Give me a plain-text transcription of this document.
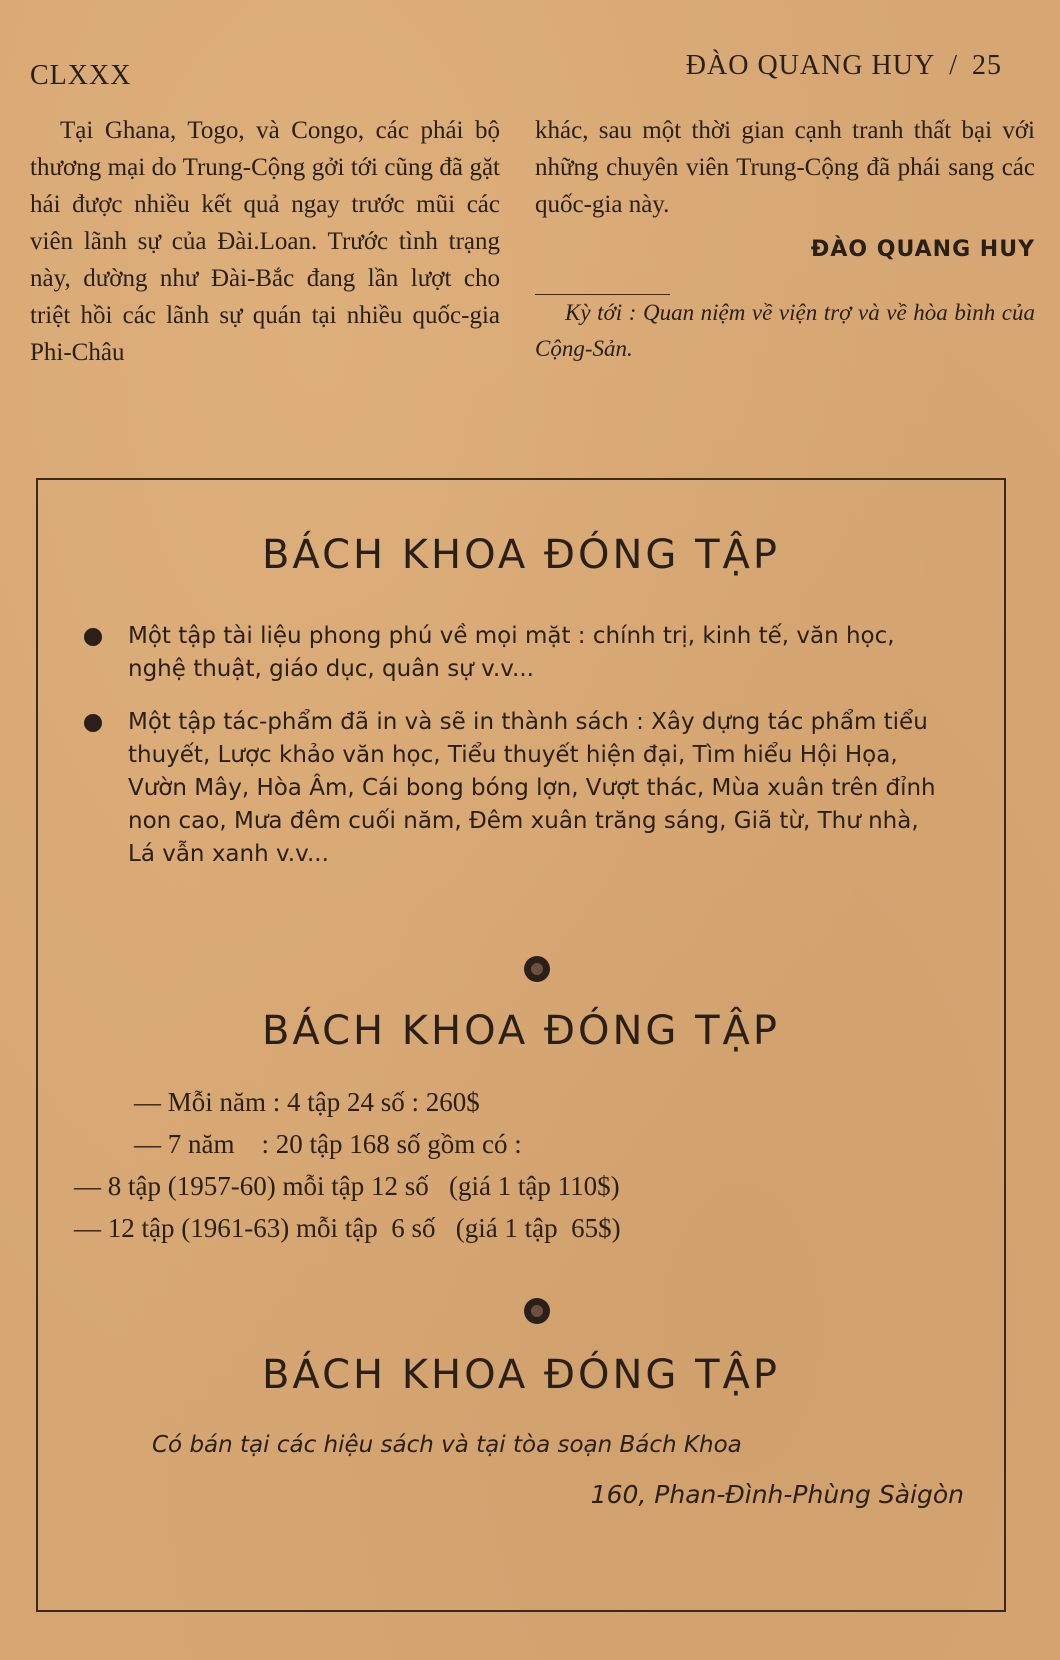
CLXXX	ĐÀO QUANG HUY / 25

Tại Ghana, Togo, và Congo, các phái bộ thương mại do Trung-Cộng gởi tới cũng đã gặt hái được nhiều kết quả ngay trước mũi các viên lãnh sự của Đài.Loan. Trước tình trạng này, dường như Đài-Bắc đang lần lượt cho triệt hồi các lãnh sự quán tại nhiều quốc-gia Phi-Châu

khác, sau một thời gian cạnh tranh thất bại với những chuyên viên Trung-Cộng đã phái sang các quốc-gia này.

ĐÀO QUANG HUY

Kỳ tới : Quan niệm về viện trợ và về hòa bình của Cộng-Sản.

BÁCH KHOA ĐÓNG TẬP
Một tập tài liệu phong phú về mọi mặt : chính trị, kinh tế, văn học, nghệ thuật, giáo dục, quân sự v.v...
Một tập tác-phẩm đã in và sẽ in thành sách : Xây dựng tác phẩm tiểu thuyết, Lược khảo văn học, Tiểu thuyết hiện đại, Tìm hiểu Hội Họa, Vườn Mây, Hòa Âm, Cái bong bóng lợn, Vượt thác, Mùa xuân trên đỉnh non cao, Mưa đêm cuối năm, Đêm xuân trăng sáng, Giã từ, Thư nhà, Lá vẫn xanh v.v...
BÁCH KHOA ĐÓNG TẬP
— Mỗi năm : 4 tập 24 số : 260$
— 7 năm    : 20 tập 168 số gồm có :
— 8 tập (1957-60) mỗi tập 12 số   (giá 1 tập 110$)
— 12 tập (1961-63) mỗi tập  6 số   (giá 1 tập  65$)
BÁCH KHOA ĐÓNG TẬP
Có bán tại các hiệu sách và tại tòa soạn Bách Khoa
160, Phan-Đình-Phùng Sàigòn
